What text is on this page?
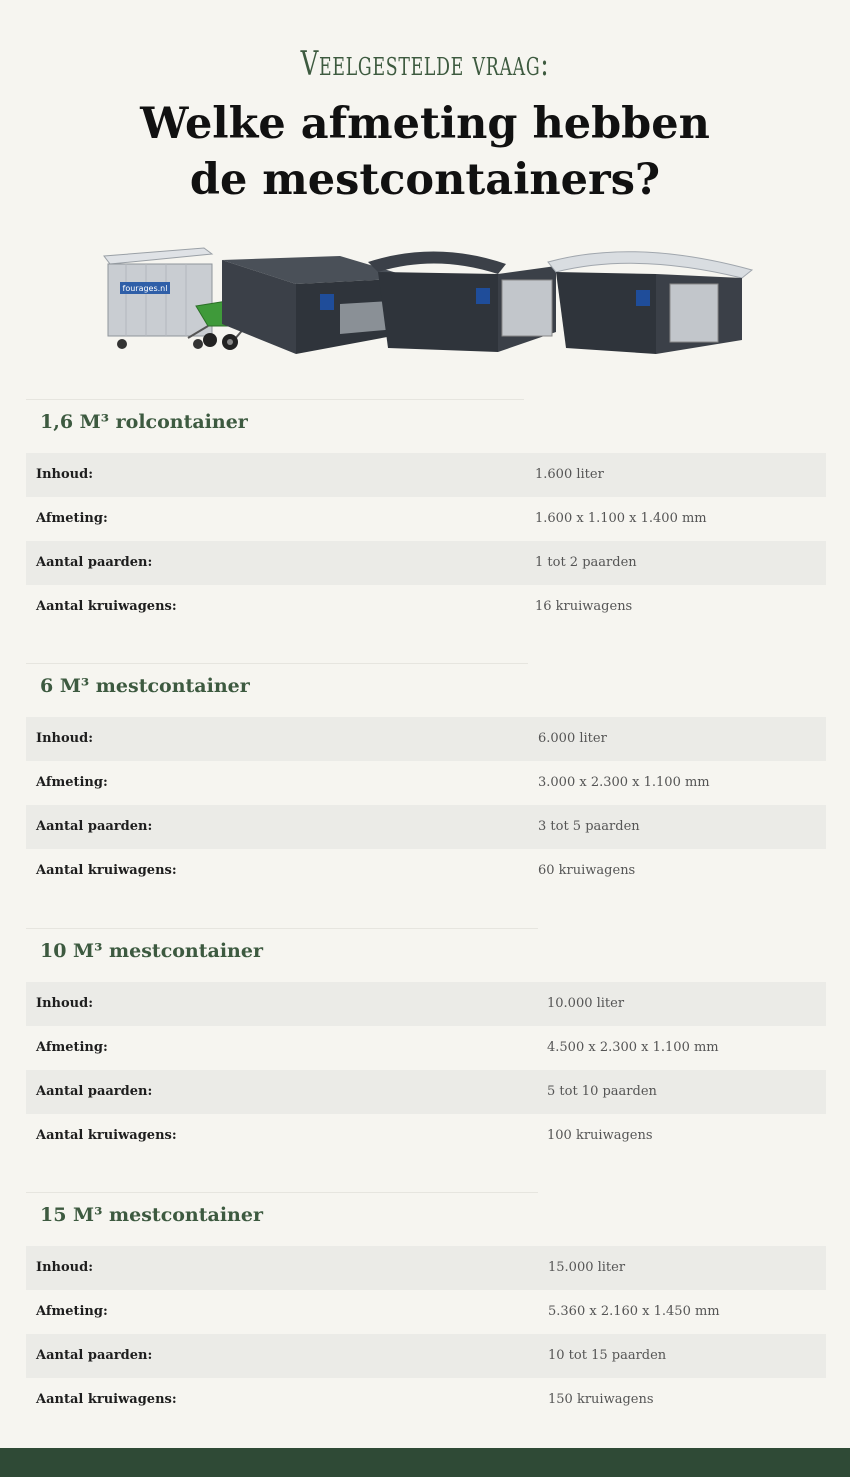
Veelgestelde vraag:
Welke afmeting hebben
de mestcontainers?
fourages.nl
1,6 M³ rolcontainer
Inhoud:	1.600 liter
Afmeting:	1.600 x 1.100 x 1.400 mm
Aantal paarden:	1 tot 2 paarden
Aantal kruiwagens:	16 kruiwagens
6 M³ mestcontainer
Inhoud:	6.000 liter
Afmeting:	3.000 x 2.300 x 1.100 mm
Aantal paarden:	3 tot 5 paarden
Aantal kruiwagens:	60 kruiwagens
10 M³ mestcontainer
Inhoud:	10.000 liter
Afmeting:	4.500 x 2.300 x 1.100 mm
Aantal paarden:	5 tot 10 paarden
Aantal kruiwagens:	100 kruiwagens
15 M³ mestcontainer
Inhoud:	15.000 liter
Afmeting:	5.360 x 2.160 x 1.450 mm
Aantal paarden:	10 tot 15 paarden
Aantal kruiwagens:	150 kruiwagens
